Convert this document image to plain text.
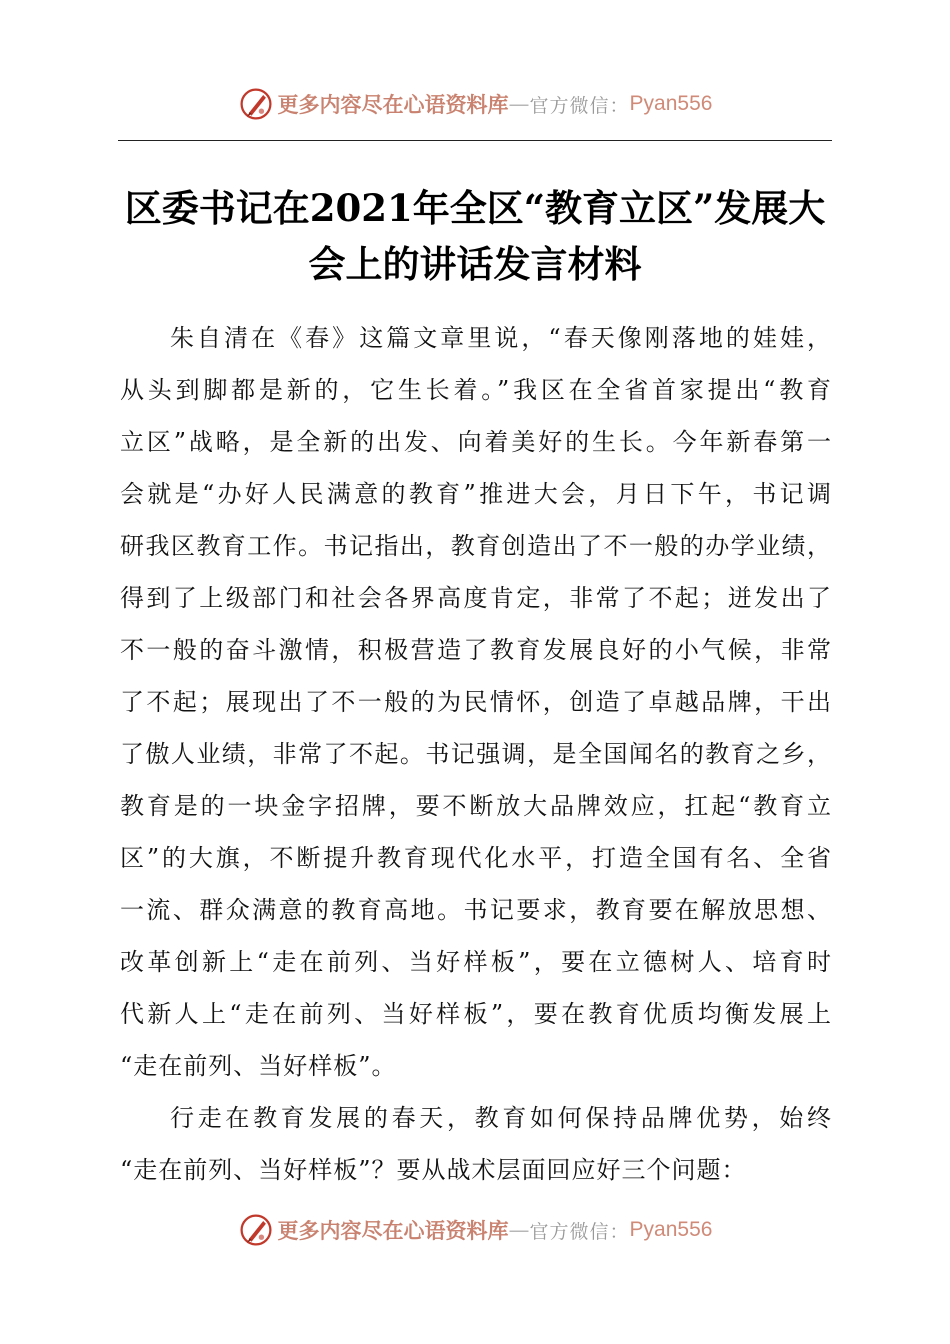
更多内容尽在心语资料库 — 官方微信： Pyan556
区委书记在2021年全区“教育立区”发展大
会上的讲话发言材料
朱自清在《春》这篇文章里说，“春天像刚落地的娃娃，
从头到脚都是新的，它生长着。”我区在全省首家提出“教育
立区”战略，是全新的出发、向着美好的生长。今年新春第一
会就是“办好人民满意的教育”推进大会，月日下午，书记调
研我区教育工作。书记指出，教育创造出了不一般的办学业绩，
得到了上级部门和社会各界高度肯定，非常了不起；迸发出了
不一般的奋斗激情，积极营造了教育发展良好的小气候，非常
了不起；展现出了不一般的为民情怀，创造了卓越品牌，干出
了傲人业绩，非常了不起。书记强调，是全国闻名的教育之乡，
教育是的一块金字招牌，要不断放大品牌效应，扛起“教育立
区”的大旗，不断提升教育现代化水平，打造全国有名、全省
一流、群众满意的教育高地。书记要求，教育要在解放思想、
改革创新上“走在前列、当好样板”，要在立德树人、培育时
代新人上“走在前列、当好样板”，要在教育优质均衡发展上
“走在前列、当好样板”。
行走在教育发展的春天，教育如何保持品牌优势，始终
“走在前列、当好样板”？要从战术层面回应好三个问题：
更多内容尽在心语资料库 — 官方微信： Pyan556
